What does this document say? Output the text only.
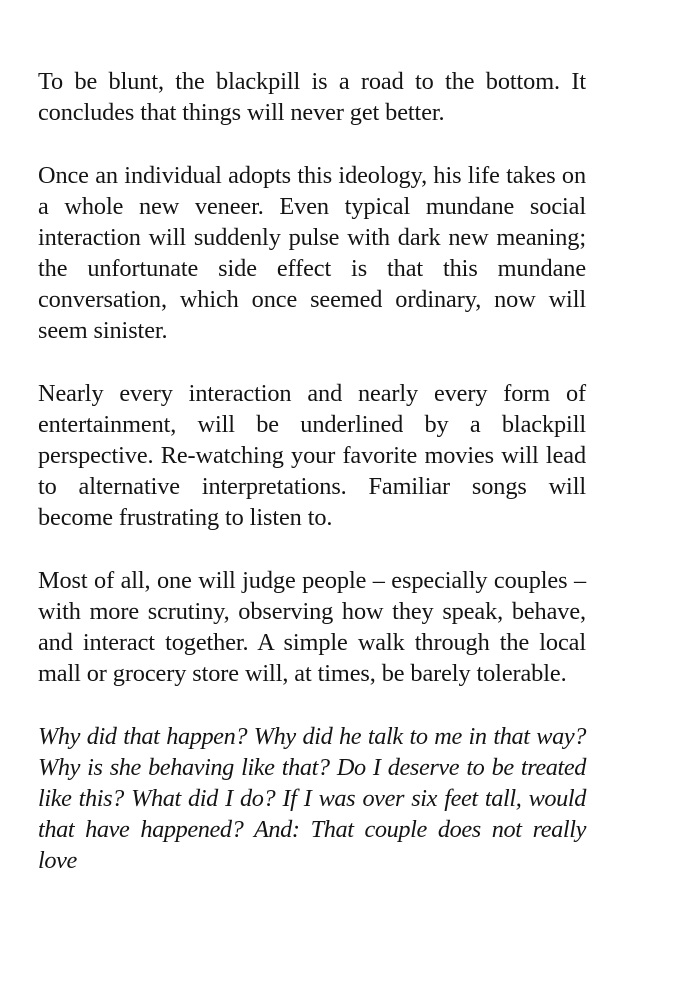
To be blunt, the blackpill is a road to the bottom. It concludes that things will never get better.

Once an individual adopts this ideology, his life takes on a whole new veneer. Even typical mundane social interaction will suddenly pulse with dark new meaning; the unfortunate side effect is that this mundane conversation, which once seemed ordinary, now will seem sinister.

Nearly every interaction and nearly every form of entertainment, will be underlined by a blackpill perspective. Re-watching your favorite movies will lead to alternative interpretations. Familiar songs will become frustrating to listen to.

Most of all, one will judge people – especially couples – with more scrutiny, observing how they speak, behave, and interact together. A simple walk through the local mall or grocery store will, at times, be barely tolerable.

Why did that happen? Why did he talk to me in that way? Why is she behaving like that? Do I deserve to be treated like this? What did I do? If I was over six feet tall, would that have happened? And: That couple does not really love
